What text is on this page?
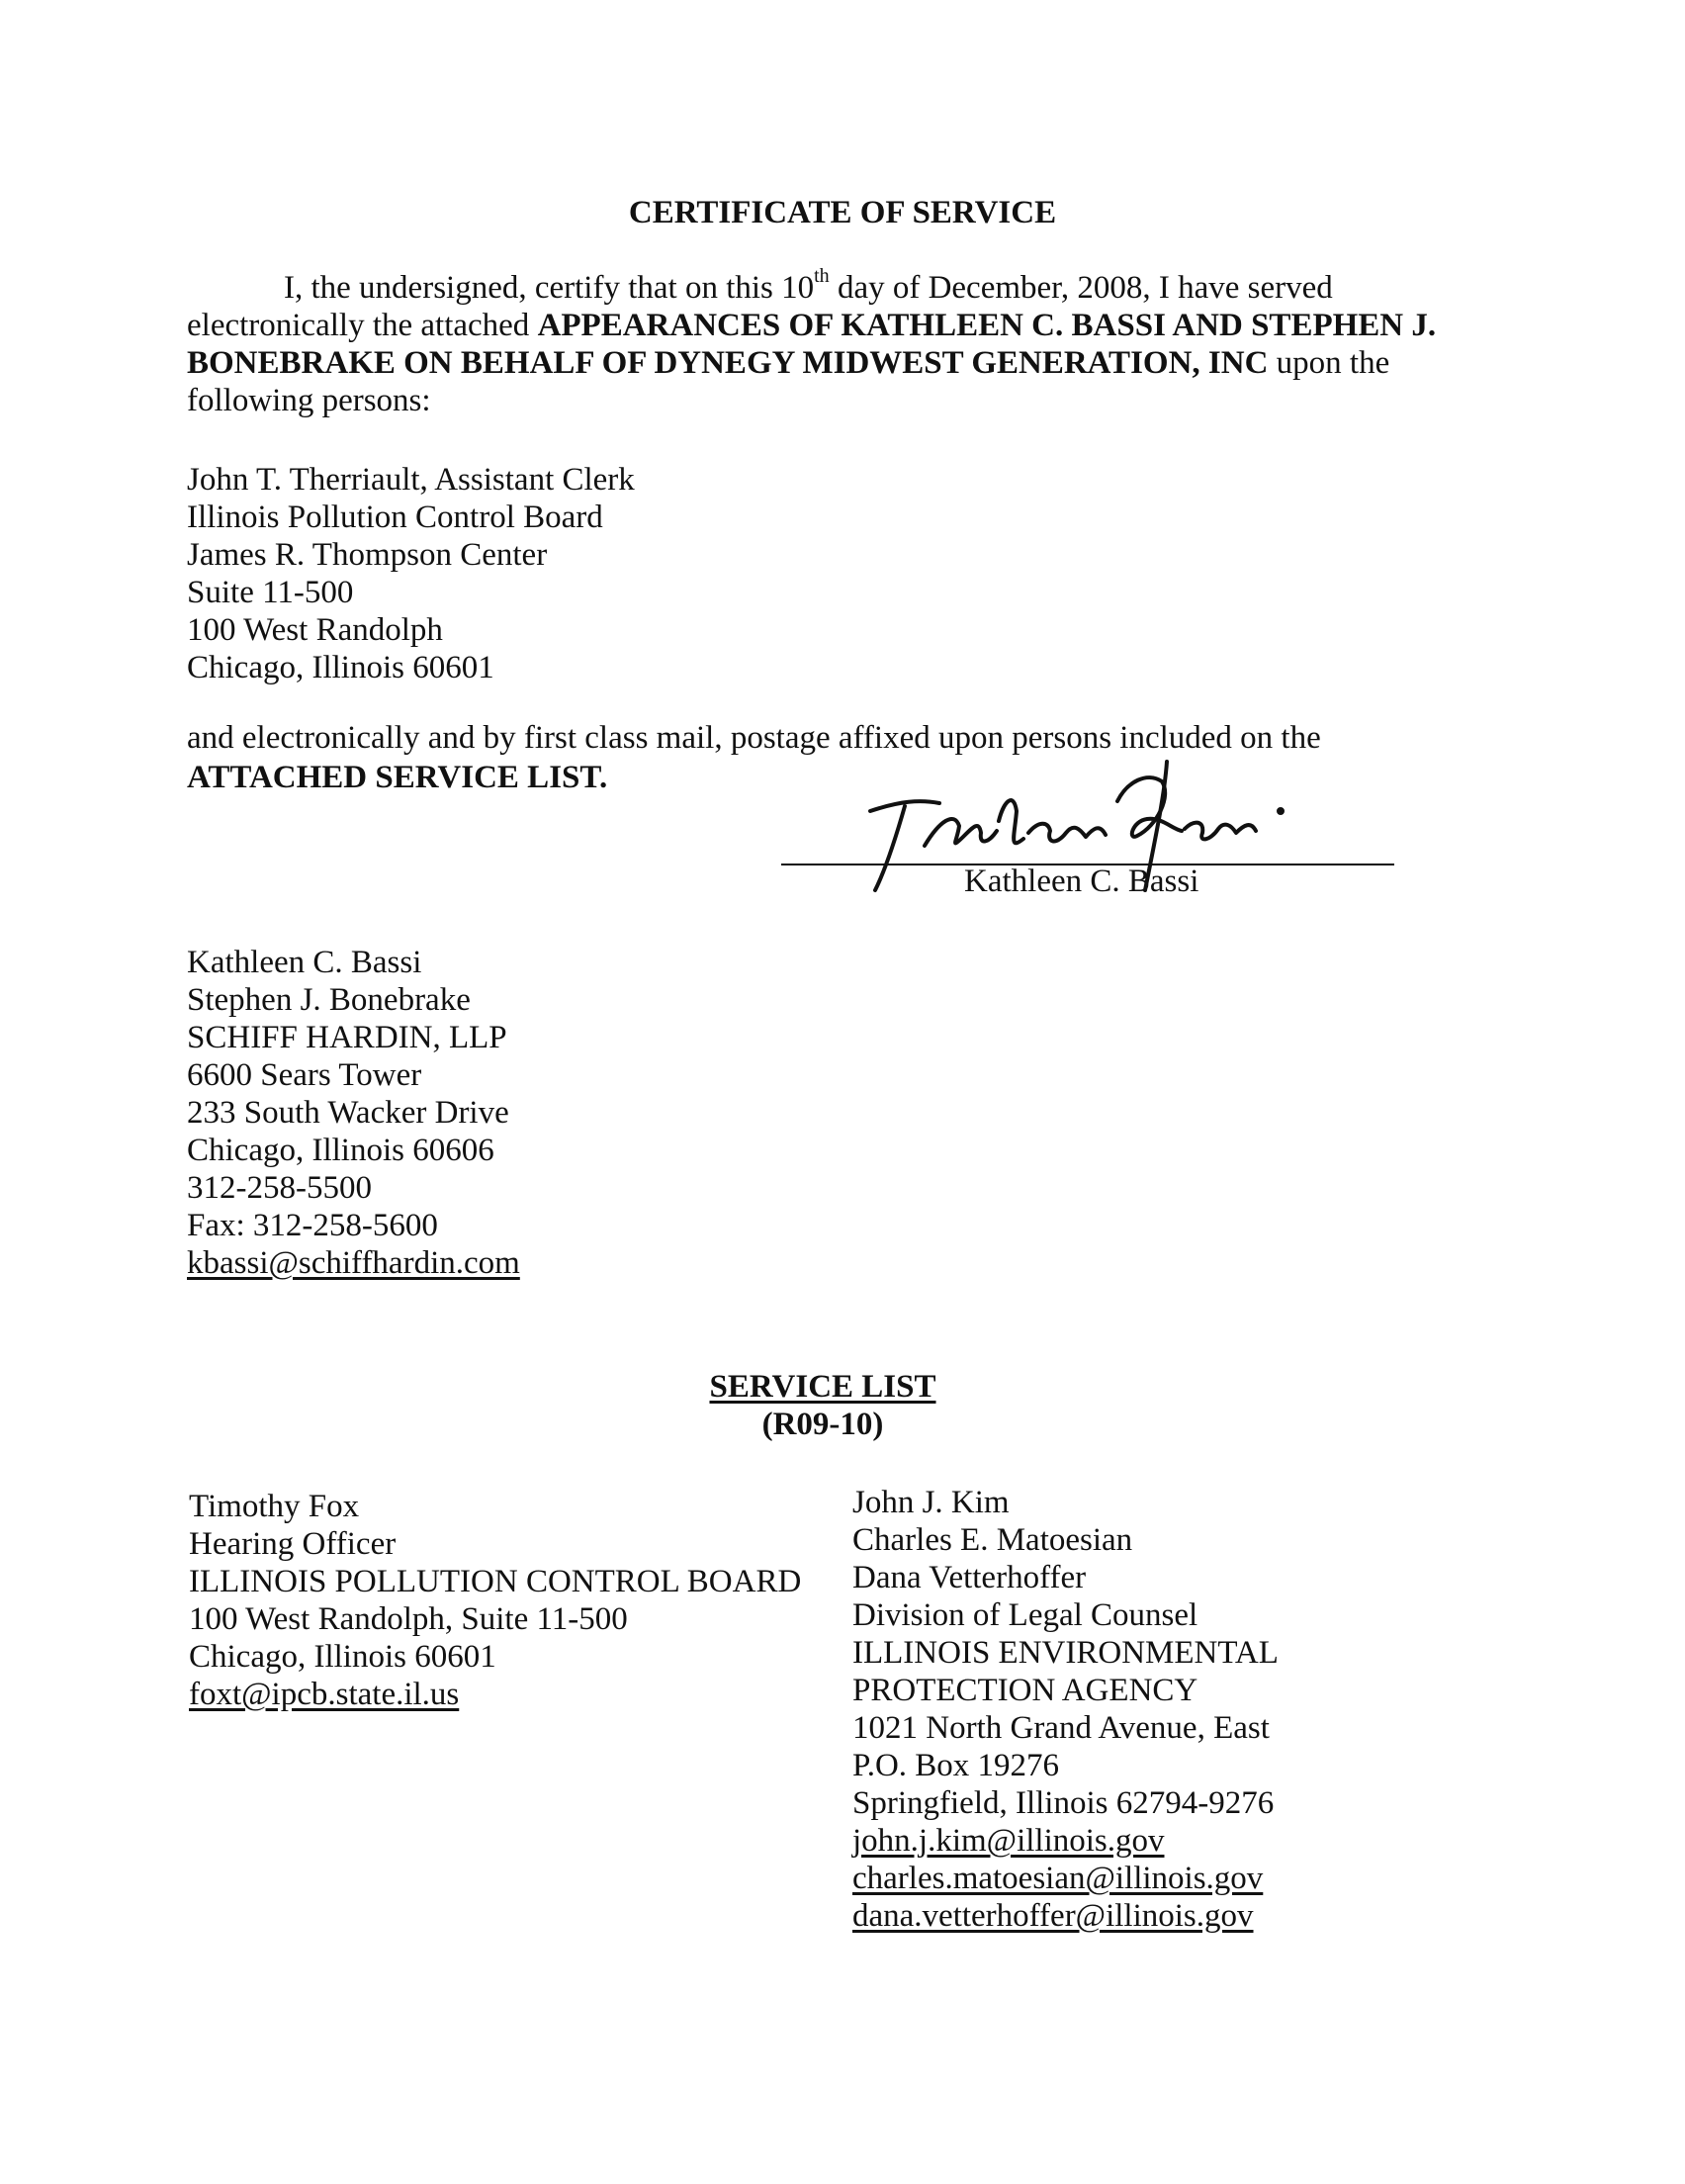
CERTIFICATE OF SERVICE
I, the undersigned, certify that on this 10th day of December, 2008, I have served
electronically the attached APPEARANCES OF KATHLEEN C. BASSI AND STEPHEN J.
BONEBRAKE ON BEHALF OF DYNEGY MIDWEST GENERATION, INC upon the
following persons:
John T. Therriault, Assistant Clerk
Illinois Pollution Control Board
James R. Thompson Center
Suite 11-500
100 West Randolph
Chicago, Illinois 60601
and electronically and by first class mail, postage affixed upon persons included on the
ATTACHED SERVICE LIST.
Kathleen C. Bassi
Kathleen C. Bassi
Stephen J. Bonebrake
SCHIFF HARDIN, LLP
6600 Sears Tower
233 South Wacker Drive
Chicago, Illinois 60606
312-258-5500
Fax: 312-258-5600
kbassi@schiffhardin.com
SERVICE LIST
(R09-10)
Timothy Fox
Hearing Officer
ILLINOIS POLLUTION CONTROL BOARD
100 West Randolph, Suite 11-500
Chicago, Illinois 60601
foxt@ipcb.state.il.us
John J. Kim
Charles E. Matoesian
Dana Vetterhoffer
Division of Legal Counsel
ILLINOIS ENVIRONMENTAL
PROTECTION AGENCY
1021 North Grand Avenue, East
P.O. Box 19276
Springfield, Illinois 62794-9276
john.j.kim@illinois.gov
charles.matoesian@illinois.gov
dana.vetterhoffer@illinois.gov
